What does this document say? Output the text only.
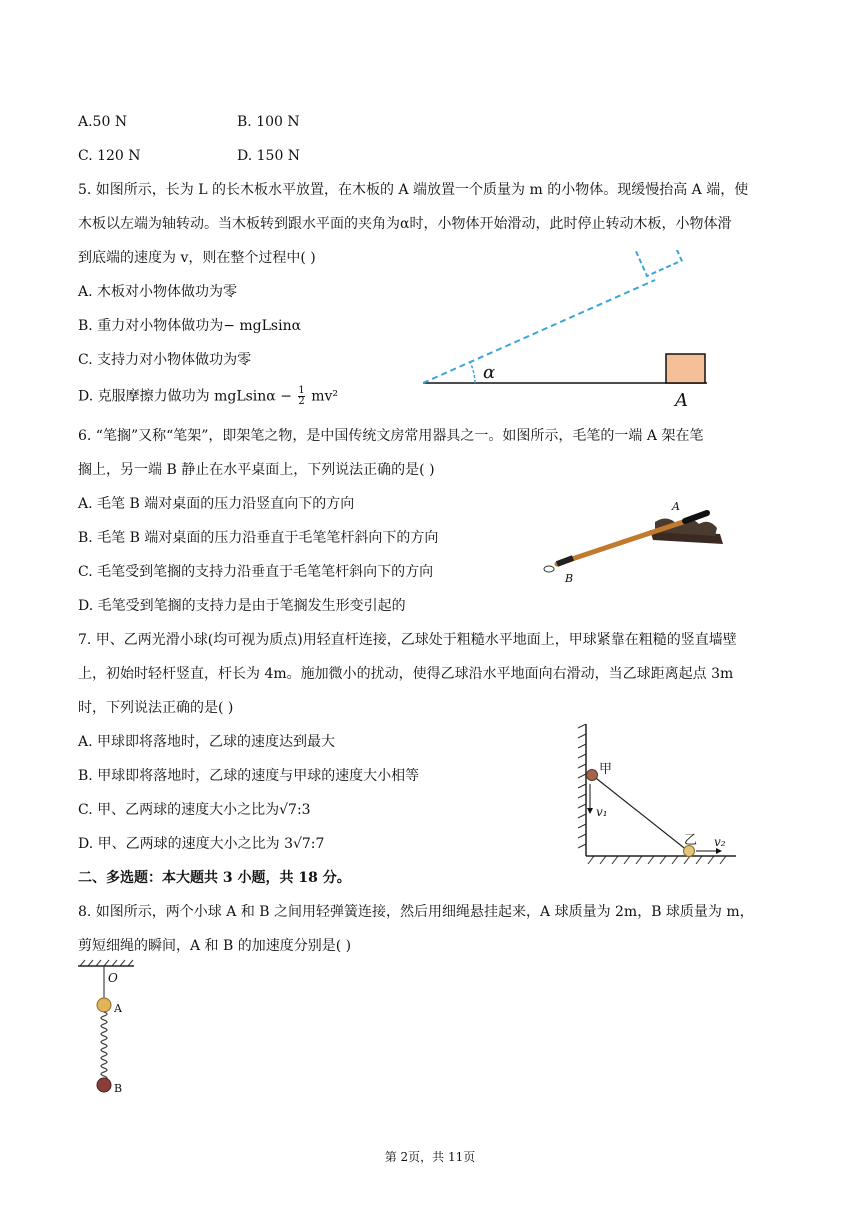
A.50 N	B. 100 N
C. 120 N	D. 150 N
5. 如图所示，长为 L 的长木板水平放置，在木板的 A 端放置一个质量为 m 的小物体。现缓慢抬高 A 端，使
木板以左端为轴转动。当木板转到跟水平面的夹角为α时，小物体开始滑动，此时停止转动木板，小物体滑
到底端的速度为 v，则在整个过程中( )
A. 木板对小物体做功为零
B. 重力对小物体做功为− mgLsinα
C. 支持力对小物体做功为零
D. 克服摩擦力做功为 $mgLsin\alpha - \frac{1}{2} mv^2$
α
A
6. “笔搁”又称“笔架”，即架笔之物，是中国传统文房常用器具之一。如图所示，毛笔的一端 A 架在笔
搁上，另一端 B 静止在水平桌面上，下列说法正确的是( )
A. 毛笔 B 端对桌面的压力沿竖直向下的方向
B. 毛笔 B 端对桌面的压力沿垂直于毛笔笔杆斜向下的方向
C. 毛笔受到笔搁的支持力沿垂直于毛笔笔杆斜向下的方向
D. 毛笔受到笔搁的支持力是由于笔搁发生形变引起的
A
B
7. 甲、乙两光滑小球(均可视为质点)用轻直杆连接，乙球处于粗糙水平地面上，甲球紧靠在粗糙的竖直墙壁
上，初始时轻杆竖直，杆长为 4m。施加微小的扰动，使得乙球沿水平地面向右滑动，当乙球距离起点 3m
时，下列说法正确的是( )
A. 甲球即将落地时，乙球的速度达到最大
B. 甲球即将落地时，乙球的速度与甲球的速度大小相等
C. 甲、乙两球的速度大小之比为√7:3
D. 甲、乙两球的速度大小之比为 3√7:7
甲
乙
v₁
v₂
二、多选题：本大题共 3 小题，共 18 分。
8. 如图所示，两个小球 A 和 B 之间用轻弹簧连接，然后用细绳悬挂起来，A 球质量为 2m，B 球质量为 m，
剪短细绳的瞬间，A 和 B 的加速度分别是( )
O
A
B
第 2页，共 11页
